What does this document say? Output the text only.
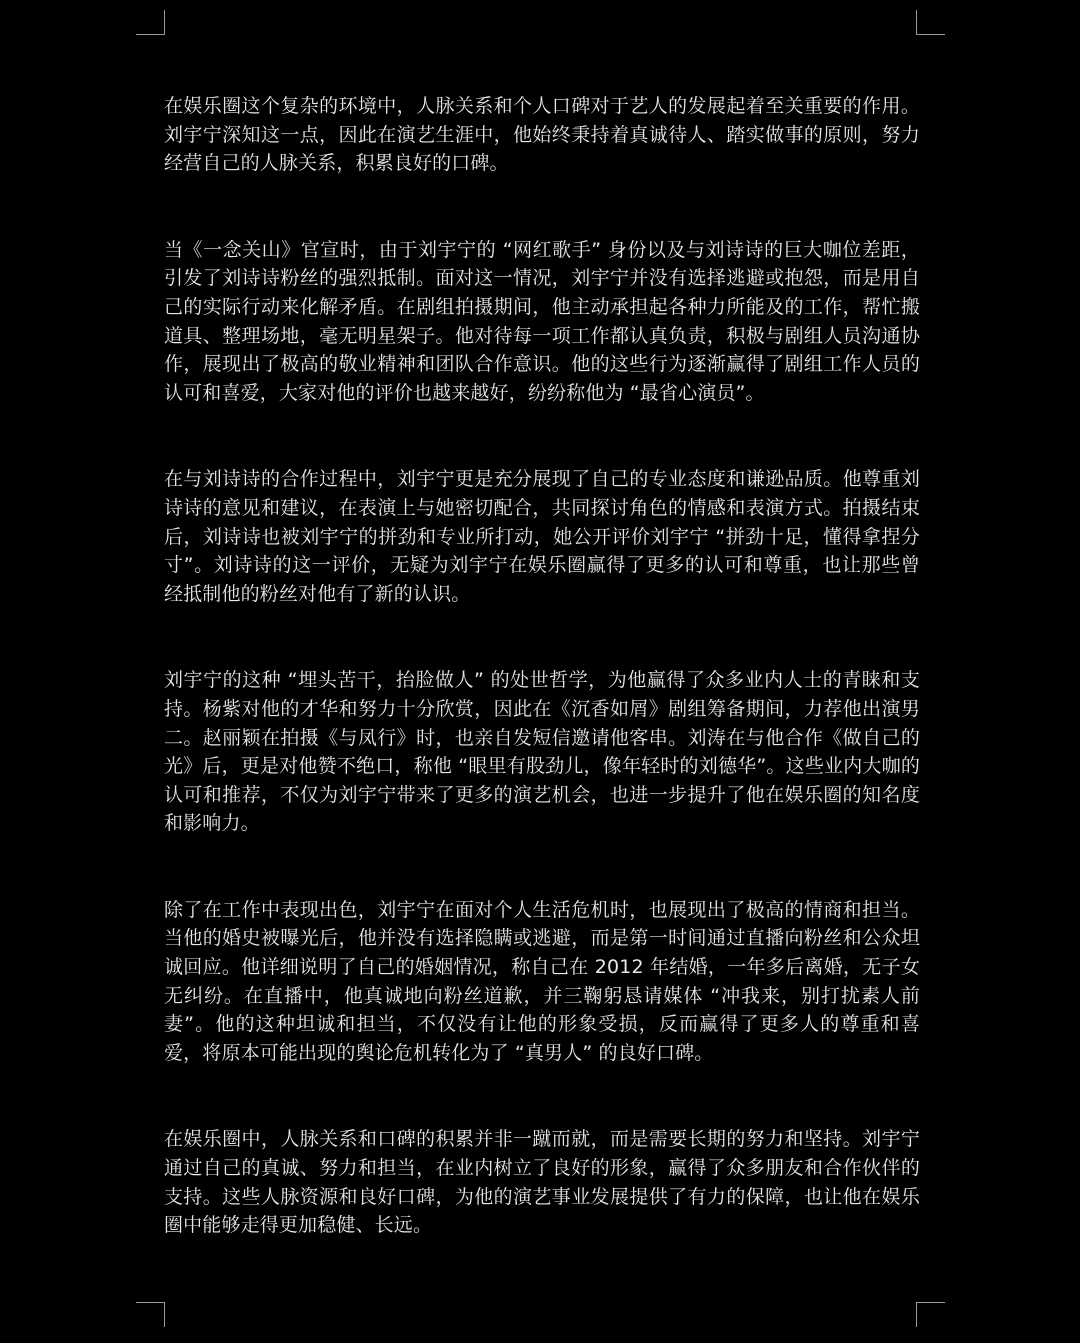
在娱乐圈这个复杂的环境中，人脉关系和个人口碑对于艺人的发展起着至关重要的作用。刘宇宁深知这一点，因此在演艺生涯中，他始终秉持着真诚待人、踏实做事的原则，努力经营自己的人脉关系，积累良好的口碑。

当《一念关山》官宣时，由于刘宇宁的 “网红歌手” 身份以及与刘诗诗的巨大咖位差距，引发了刘诗诗粉丝的强烈抵制。面对这一情况，刘宇宁并没有选择逃避或抱怨，而是用自己的实际行动来化解矛盾。在剧组拍摄期间，他主动承担起各种力所能及的工作，帮忙搬道具、整理场地，毫无明星架子。他对待每一项工作都认真负责，积极与剧组人员沟通协作，展现出了极高的敬业精神和团队合作意识。他的这些行为逐渐赢得了剧组工作人员的认可和喜爱，大家对他的评价也越来越好，纷纷称他为 “最省心演员”。

在与刘诗诗的合作过程中，刘宇宁更是充分展现了自己的专业态度和谦逊品质。他尊重刘诗诗的意见和建议，在表演上与她密切配合，共同探讨角色的情感和表演方式。拍摄结束后，刘诗诗也被刘宇宁的拼劲和专业所打动，她公开评价刘宇宁 “拼劲十足，懂得拿捏分寸”。刘诗诗的这一评价，无疑为刘宇宁在娱乐圈赢得了更多的认可和尊重，也让那些曾经抵制他的粉丝对他有了新的认识。

刘宇宁的这种 “埋头苦干，抬脸做人” 的处世哲学，为他赢得了众多业内人士的青睐和支持。杨紫对他的才华和努力十分欣赏，因此在《沉香如屑》剧组筹备期间，力荐他出演男二。赵丽颖在拍摄《与凤行》时，也亲自发短信邀请他客串。刘涛在与他合作《做自己的光》后，更是对他赞不绝口，称他 “眼里有股劲儿，像年轻时的刘德华”。这些业内大咖的认可和推荐，不仅为刘宇宁带来了更多的演艺机会，也进一步提升了他在娱乐圈的知名度和影响力。

除了在工作中表现出色，刘宇宁在面对个人生活危机时，也展现出了极高的情商和担当。当他的婚史被曝光后，他并没有选择隐瞒或逃避，而是第一时间通过直播向粉丝和公众坦诚回应。他详细说明了自己的婚姻情况，称自己在 2012 年结婚，一年多后离婚，无子女无纠纷。在直播中，他真诚地向粉丝道歉，并三鞠躬恳请媒体 “冲我来，别打扰素人前妻”。他的这种坦诚和担当，不仅没有让他的形象受损，反而赢得了更多人的尊重和喜爱，将原本可能出现的舆论危机转化为了 “真男人” 的良好口碑。

在娱乐圈中，人脉关系和口碑的积累并非一蹴而就，而是需要长期的努力和坚持。刘宇宁通过自己的真诚、努力和担当，在业内树立了良好的形象，赢得了众多朋友和合作伙伴的支持。这些人脉资源和良好口碑，为他的演艺事业发展提供了有力的保障，也让他在娱乐圈中能够走得更加稳健、长远。
